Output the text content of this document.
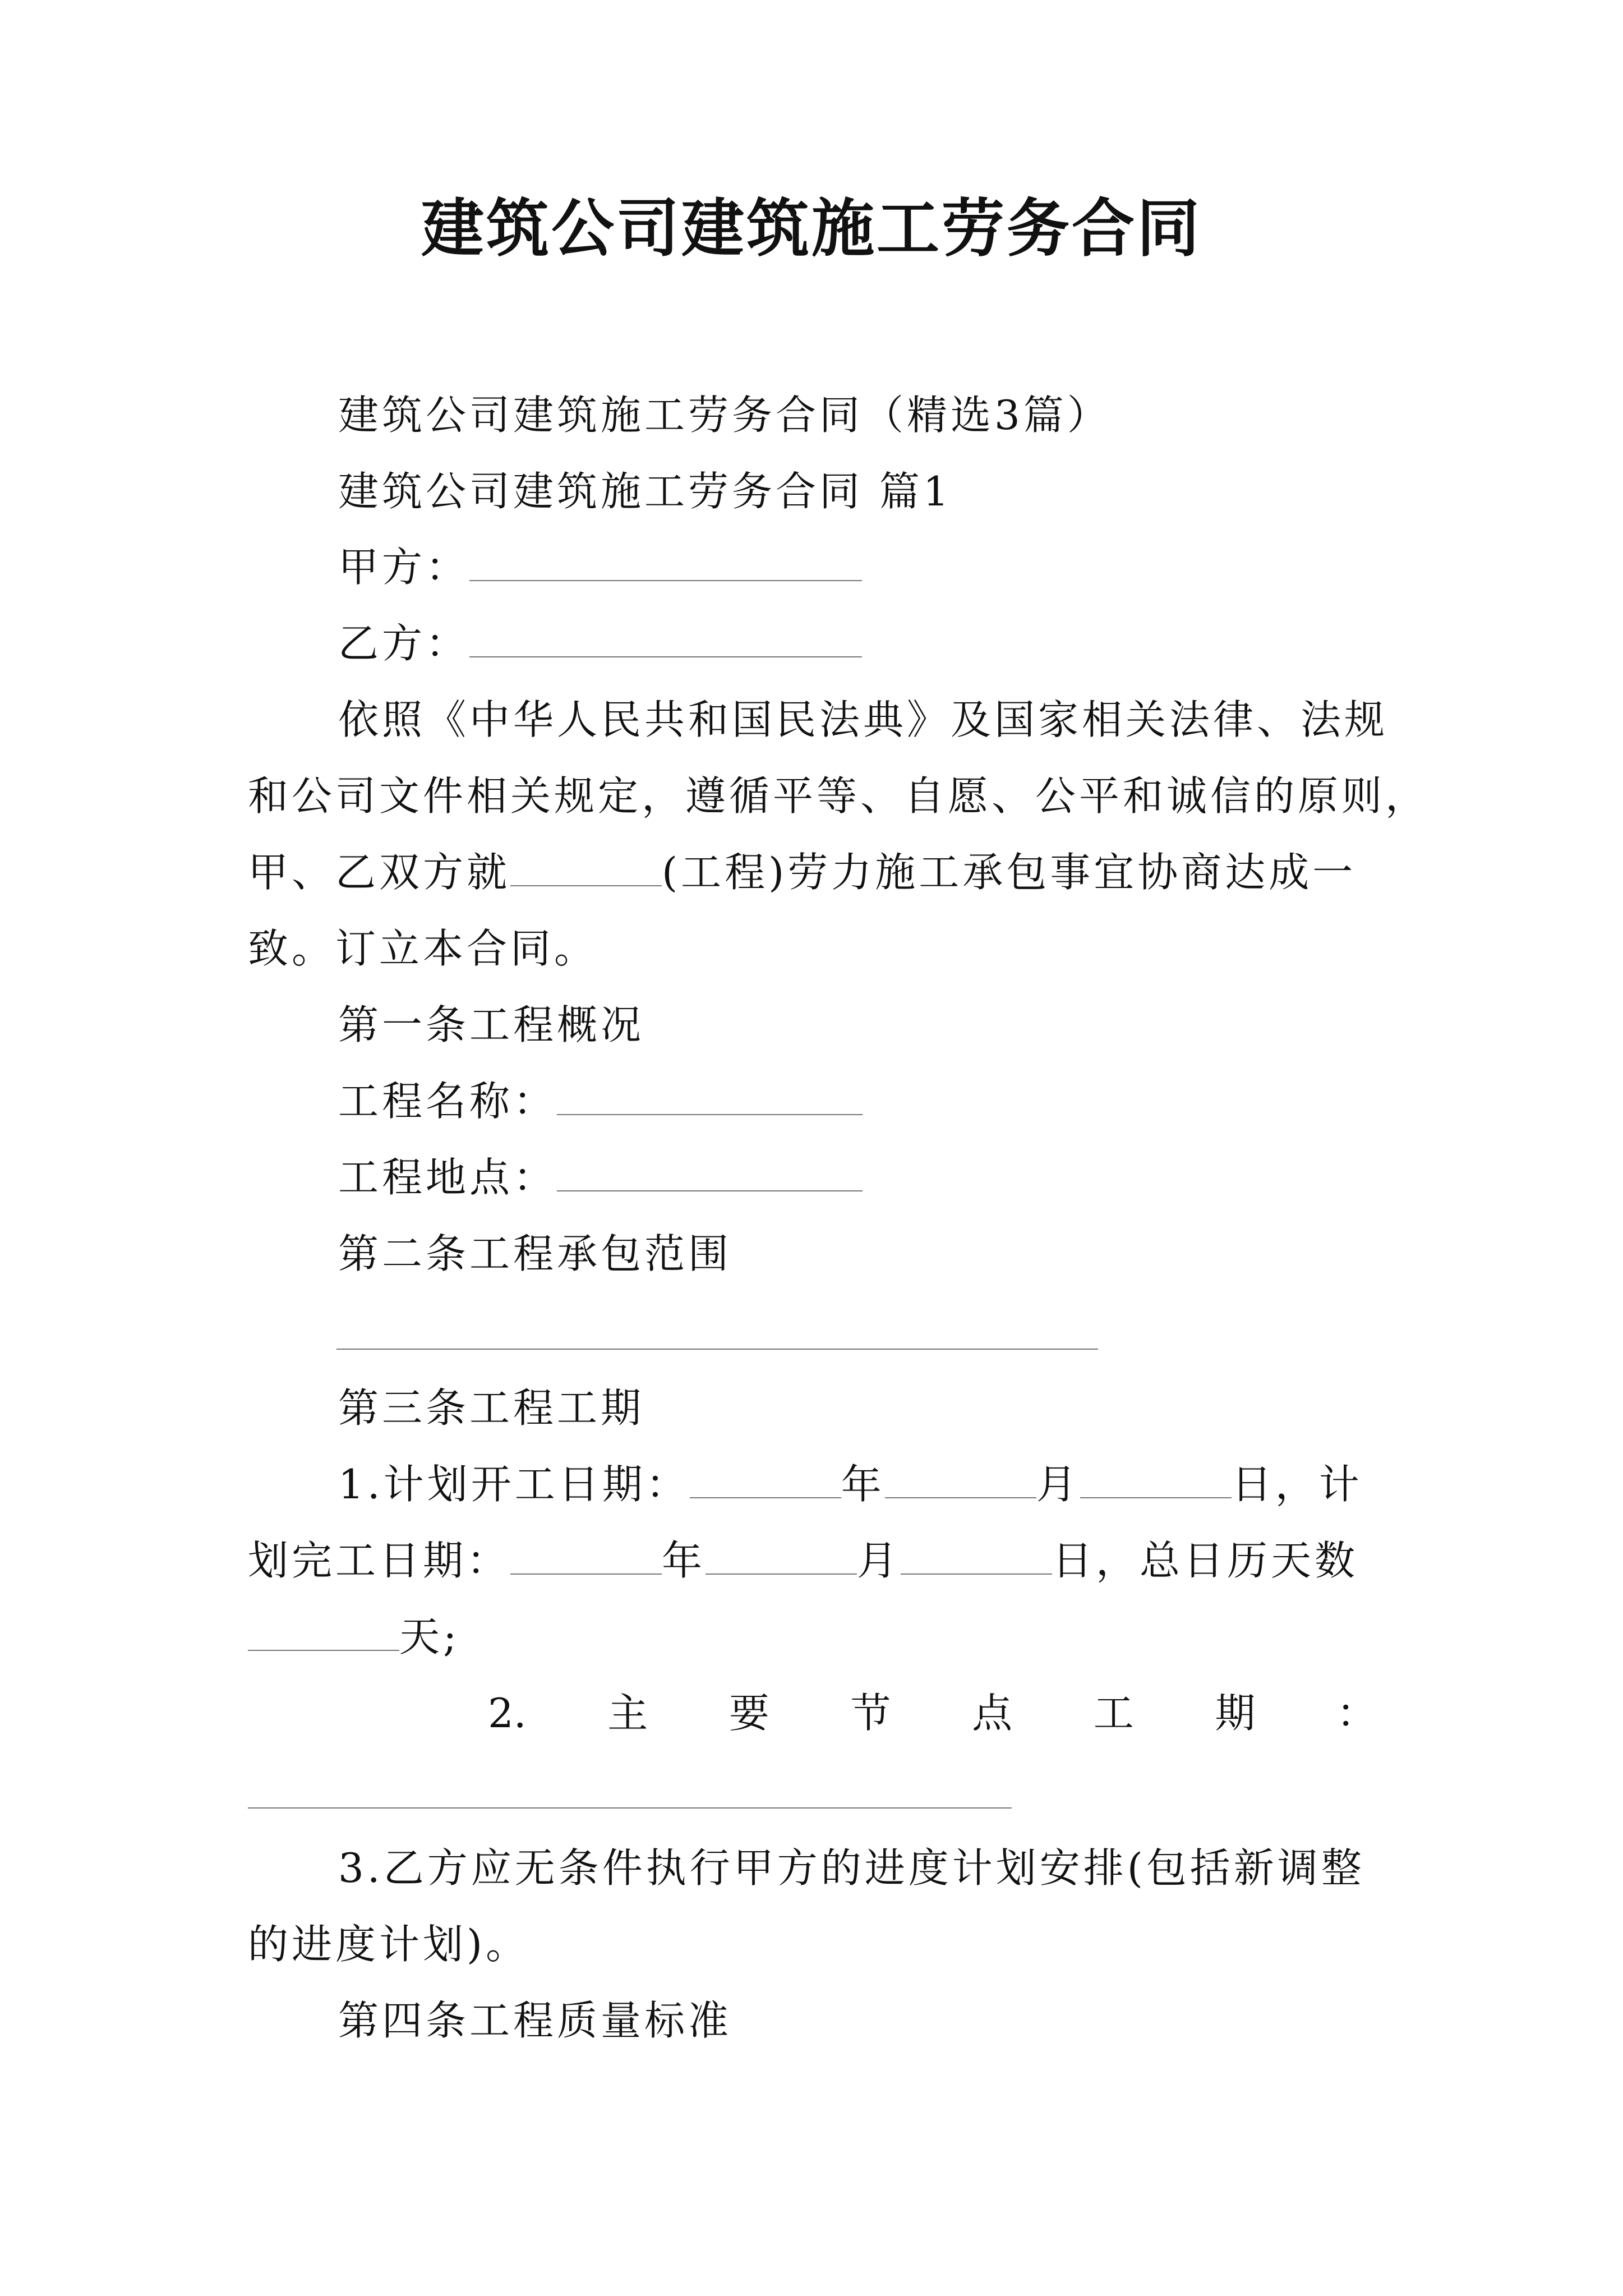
建筑公司建筑施工劳务合同
建筑公司建筑施工劳务合同（精选3篇）
建筑公司建筑施工劳务合同 篇1
甲方：
乙方：
依照《中华人民共和国民法典》及国家相关法律、法规
和公司文件相关规定，遵循平等、自愿、公平和诚信的原则，
甲、乙双方就	(工程)劳力施工承包事宜协商达成一
致。订立本合同。
第一条工程概况
工程名称：
工程地点：
第二条工程承包范围
第三条工程工期
1.计划开工日期：	年	月	日，计
划完工日期：	年	月	日，总日历天数
天;
2. 主 要 节 点 工 期 ：
3.乙方应无条件执行甲方的进度计划安排(包括新调整
的进度计划)。
第四条工程质量标准
